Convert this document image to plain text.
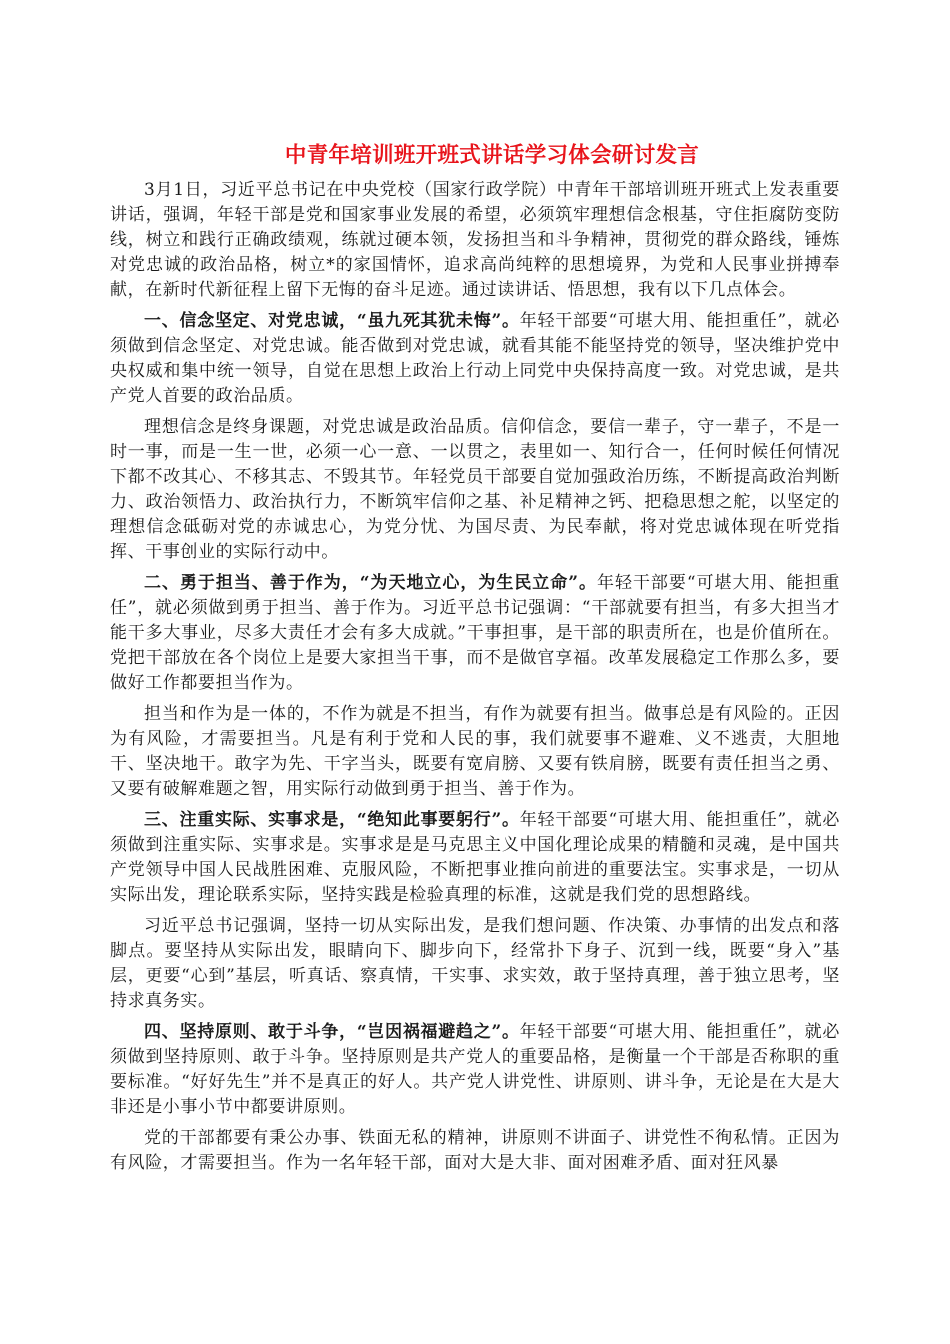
中青年培训班开班式讲话学习体会研讨发言

3月1日，习近平总书记在中央党校（国家行政学院）中青年干部培训班开班式上发表重要讲话，强调，年轻干部是党和国家事业发展的希望，必须筑牢理想信念根基，守住拒腐防变防线，树立和践行正确政绩观，练就过硬本领，发扬担当和斗争精神，贯彻党的群众路线，锤炼对党忠诚的政治品格，树立*的家国情怀，追求高尚纯粹的思想境界，为党和人民事业拼搏奉献，在新时代新征程上留下无悔的奋斗足迹。通过读讲话、悟思想，我有以下几点体会。

一、信念坚定、对党忠诚，“虽九死其犹未悔”。年轻干部要“可堪大用、能担重任”，就必须做到信念坚定、对党忠诚。能否做到对党忠诚，就看其能不能坚持党的领导，坚决维护党中央权威和集中统一领导，自觉在思想上政治上行动上同党中央保持高度一致。对党忠诚，是共产党人首要的政治品质。

理想信念是终身课题，对党忠诚是政治品质。信仰信念，要信一辈子，守一辈子，不是一时一事，而是一生一世，必须一心一意、一以贯之，表里如一、知行合一，任何时候任何情况下都不改其心、不移其志、不毁其节。年轻党员干部要自觉加强政治历练，不断提高政治判断力、政治领悟力、政治执行力，不断筑牢信仰之基、补足精神之钙、把稳思想之舵，以坚定的理想信念砥砺对党的赤诚忠心，为党分忧、为国尽责、为民奉献，将对党忠诚体现在听党指挥、干事创业的实际行动中。

二、勇于担当、善于作为，“为天地立心，为生民立命”。年轻干部要“可堪大用、能担重任”，就必须做到勇于担当、善于作为。习近平总书记强调：“干部就要有担当，有多大担当才能干多大事业，尽多大责任才会有多大成就。”干事担事，是干部的职责所在，也是价值所在。党把干部放在各个岗位上是要大家担当干事，而不是做官享福。改革发展稳定工作那么多，要做好工作都要担当作为。

担当和作为是一体的，不作为就是不担当，有作为就要有担当。做事总是有风险的。正因为有风险，才需要担当。凡是有利于党和人民的事，我们就要事不避难、义不逃责，大胆地干、坚决地干。敢字为先、干字当头，既要有宽肩膀、又要有铁肩膀，既要有责任担当之勇、又要有破解难题之智，用实际行动做到勇于担当、善于作为。

三、注重实际、实事求是，“绝知此事要躬行”。年轻干部要“可堪大用、能担重任”，就必须做到注重实际、实事求是。实事求是是马克思主义中国化理论成果的精髓和灵魂，是中国共产党领导中国人民战胜困难、克服风险，不断把事业推向前进的重要法宝。实事求是，一切从实际出发，理论联系实际，坚持实践是检验真理的标准，这就是我们党的思想路线。

习近平总书记强调，坚持一切从实际出发，是我们想问题、作决策、办事情的出发点和落脚点。要坚持从实际出发，眼睛向下、脚步向下，经常扑下身子、沉到一线，既要“身入”基层，更要“心到”基层，听真话、察真情，干实事、求实效，敢于坚持真理，善于独立思考，坚持求真务实。

四、坚持原则、敢于斗争，“岂因祸福避趋之”。年轻干部要“可堪大用、能担重任”，就必须做到坚持原则、敢于斗争。坚持原则是共产党人的重要品格，是衡量一个干部是否称职的重要标准。“好好先生”并不是真正的好人。共产党人讲党性、讲原则、讲斗争，无论是在大是大非还是小事小节中都要讲原则。

党的干部都要有秉公办事、铁面无私的精神，讲原则不讲面子、讲党性不徇私情。正因为有风险，才需要担当。作为一名年轻干部，面对大是大非、面对困难矛盾、面对狂风暴
